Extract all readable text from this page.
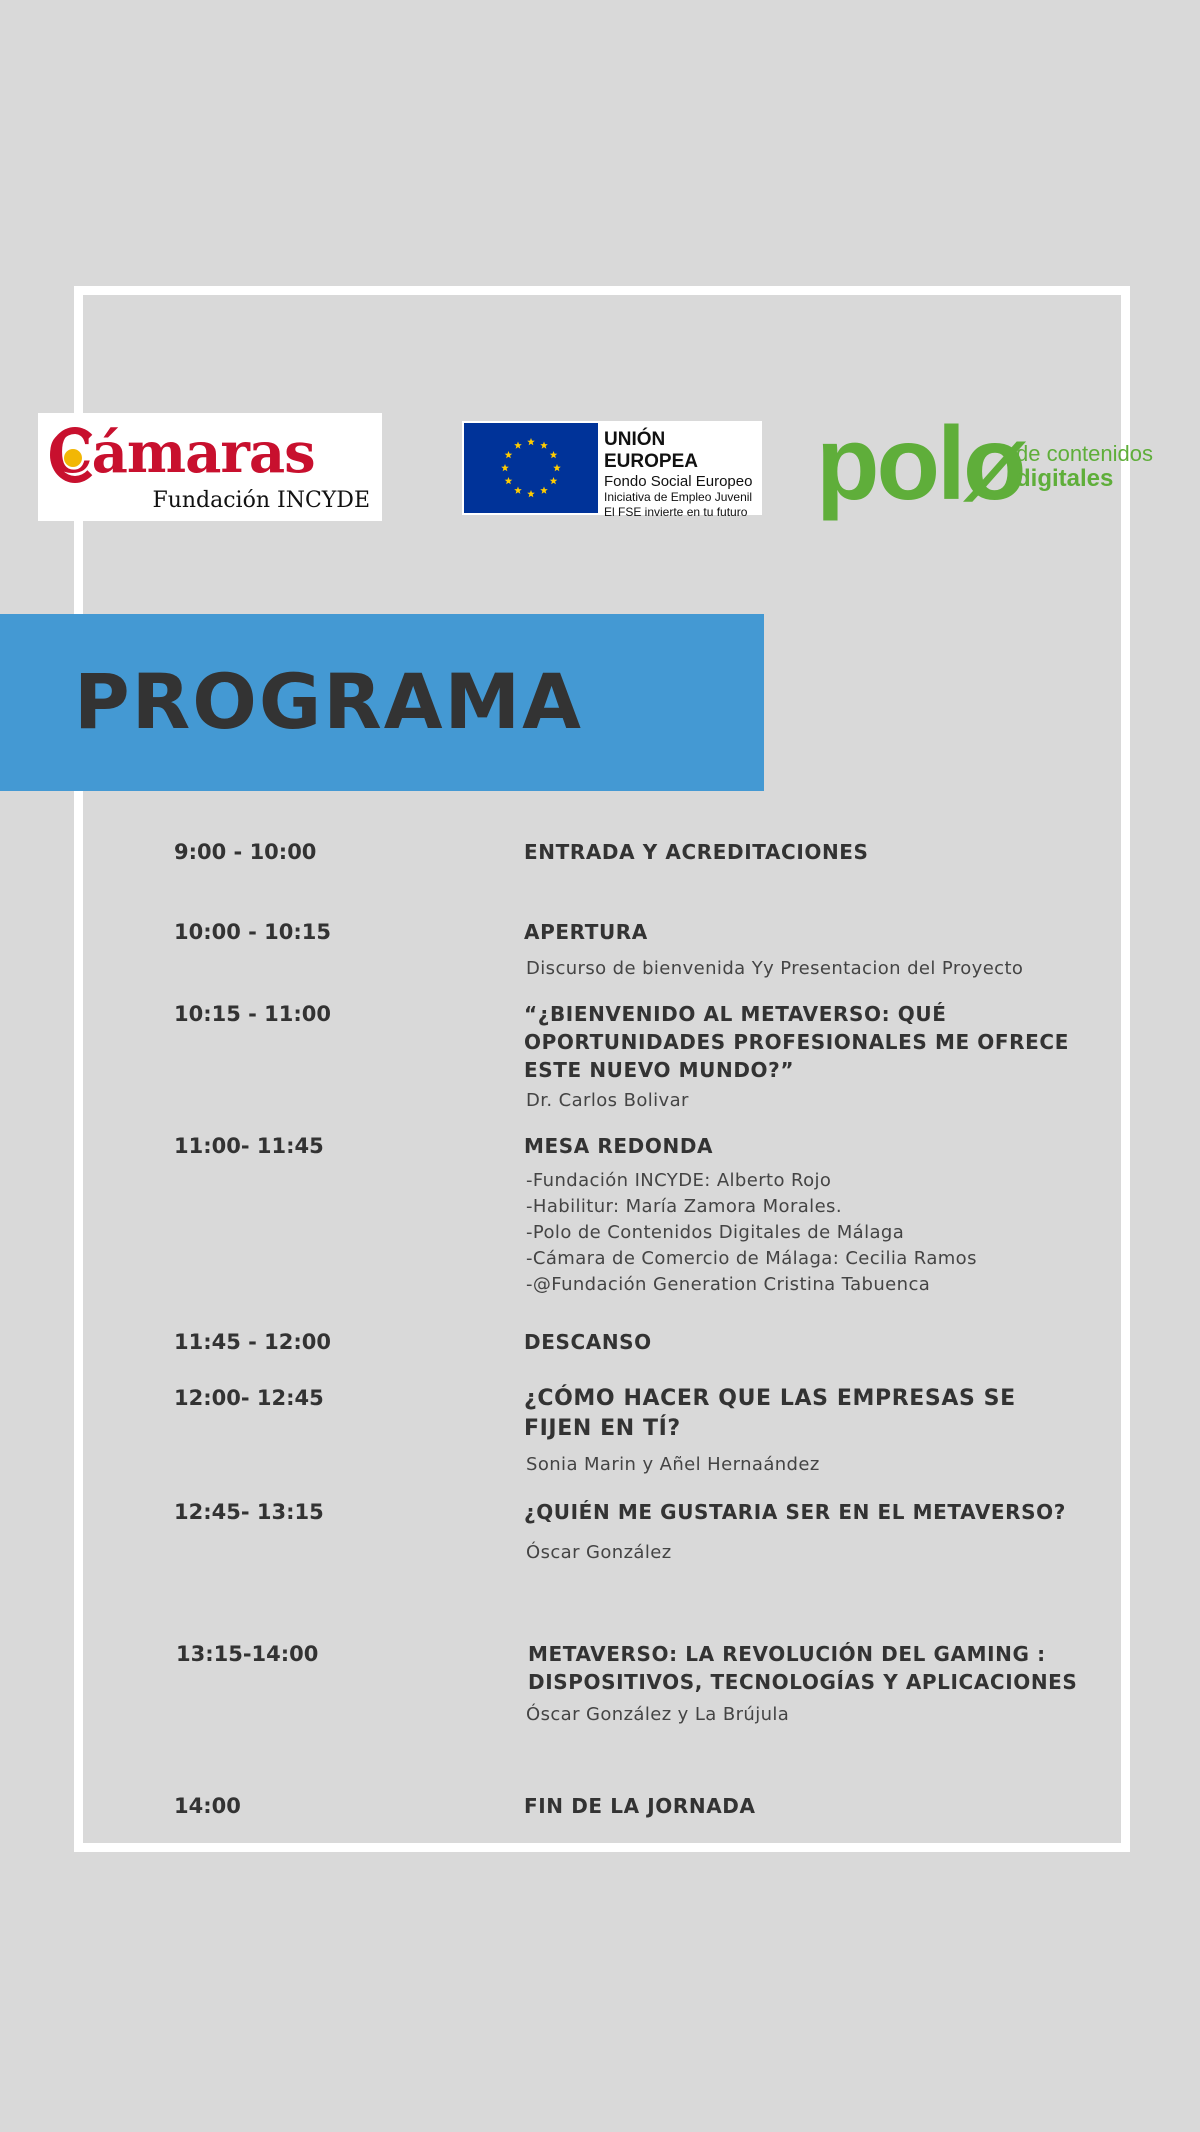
Cámaras
Fundación INCYDE
UNIÓN EUROPEA
Fondo Social Europeo
Iniciativa de Empleo Juvenil
El FSE invierte en tu futuro polø
de contenidos
digitales
PROGRAMA
9:00 - 10:00	ENTRADA Y ACREDITACIONES
10:00 - 10:15	APERTURA
Discurso de bienvenida Yy Presentacion del Proyecto
10:15 - 11:00	“¿BIENVENIDO AL METAVERSO: QUÉ OPORTUNIDADES PROFESIONALES ME OFRECE ESTE NUEVO MUNDO?”
Dr. Carlos Bolivar
11:00- 11:45	MESA REDONDA
-Fundación INCYDE: Alberto Rojo
-Habilitur: María Zamora Morales.
-Polo de Contenidos Digitales de Málaga
-Cámara de Comercio de Málaga: Cecilia Ramos
-@Fundación Generation Cristina Tabuenca
11:45 - 12:00	DESCANSO
12:00- 12:45	¿CÓMO HACER QUE LAS EMPRESAS SE FIJEN EN TÍ?
Sonia Marin y Añel Hernaández
12:45- 13:15	¿QUIÉN ME GUSTARIA SER EN EL METAVERSO?
Óscar González
13:15-14:00	METAVERSO: LA REVOLUCIÓN DEL GAMING : DISPOSITIVOS, TECNOLOGÍAS Y APLICACIONES
Óscar González y La Brújula
14:00	FIN DE LA JORNADA
